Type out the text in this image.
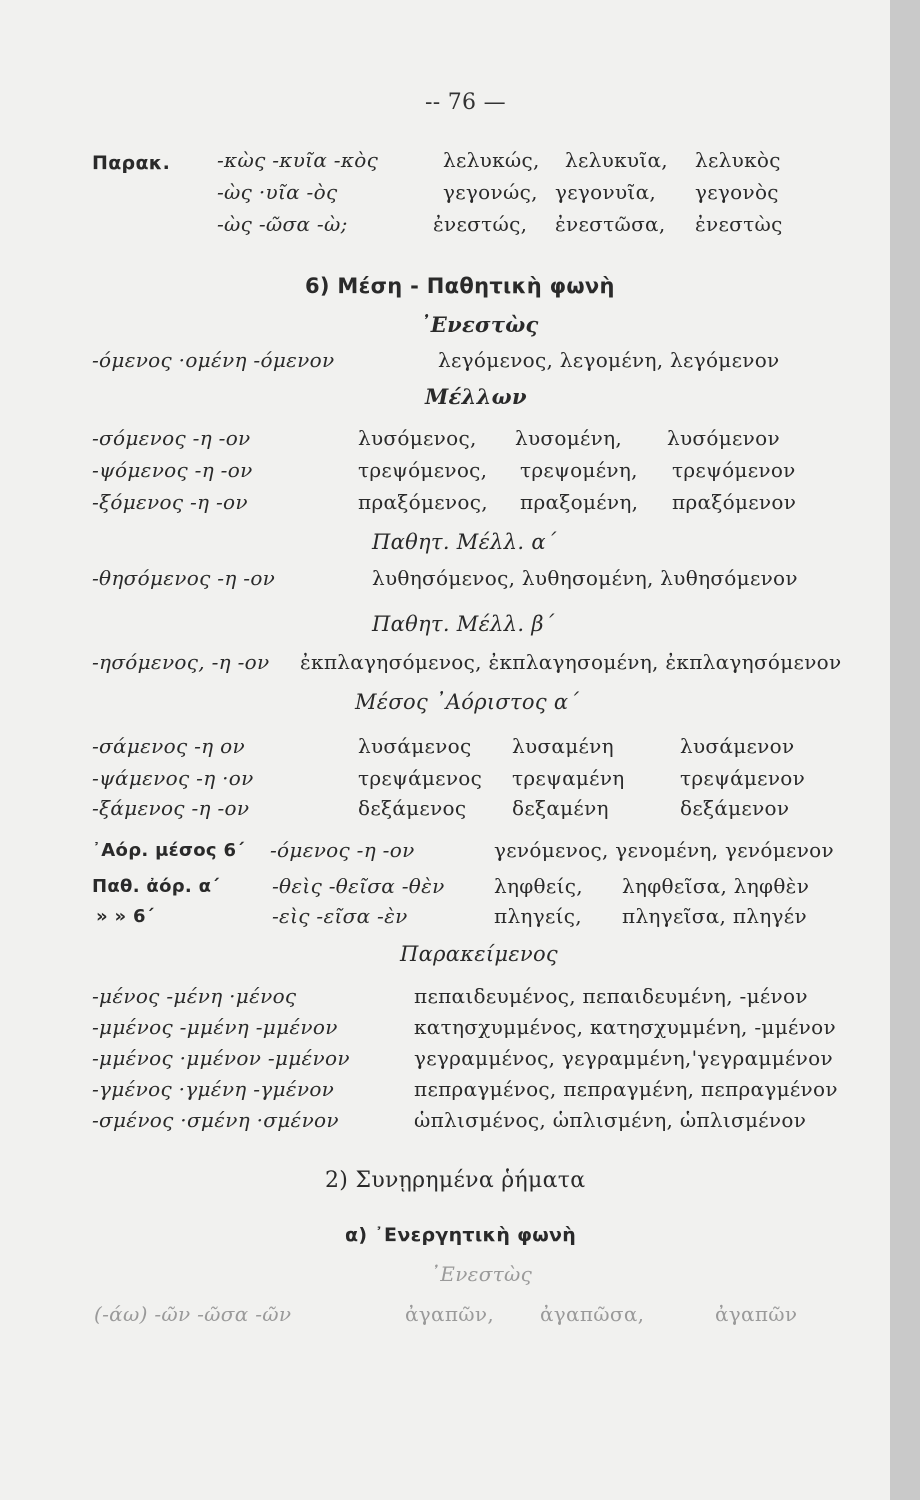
-- 76 —
Παρακ. -κὼς -κυῖα -κὸς	λελυκώς, λελυκυῖα, λελυκὸς
-ὼς ·υῖα -ὸς	γεγονώς, γεγονυῖα, γεγονὸς
-ὼς -ῶσα -ὼ;	ἐνεστώς, ἐνεστῶσα, ἐνεστὼς
6) Μέση - Παθητικὴ φωνὴ
᾿Ενεστὼς
-όμενος ·ομένη -όμενον	λεγόμενος, λεγομένη, λεγόμενον
Μέλλων
-σόμενος -η -ον	λυσόμενος, λυσομένη, λυσόμενον
-ψόμενος -η -ον	τρεψόμενος, τρεψομένη, τρεψόμενον
-ξόμενος -η -ον	πραξόμενος, πραξομένη, πραξόμενον
Παθητ. Μέλλ. α΄
-θησόμενος -η -ον	λυθησόμενος, λυθησομένη, λυθησόμενον
Παθητ. Μέλλ. β΄
-ησόμενος, -η -ον ἐκπλαγησόμενος, ἐκπλαγησομένη, ἐκπλαγησόμενον
Μέσος ᾿Αόριστος α΄
-σάμενος -η ον	λυσάμενος λυσαμένη	λυσάμενον
-ψάμενος -η ·ον	τρεψάμενος τρεψαμένη	τρεψάμενον
-ξάμενος -η -ον	δεξάμενος δεξαμένη	δεξάμενον
᾿Αόρ. μέσος 6΄ -όμενος -η -ον	γενόμενος, γενομένη, γενόμενον
Παθ. ἀόρ. α΄	-θεὶς -θεῖσα -θὲν ληφθείς, ληφθεῖσα, ληφθὲν
» » 6΄	-εὶς -εῖσα -ὲν	πληγείς, πληγεῖσα, πληγέν
Παρακείμενος
-μένος -μένη ·μένος	πεπαιδευμένος, πεπαιδευμένη, -μένον
-μμένος -μμένη -μμένον	κατησχυμμένος, κατησχυμμένη, -μμένον
-μμένος ·μμένον -μμένον	γεγραμμένος, γεγραμμένη,'γεγραμμένον
-γμένος ·γμένη -γμένον	πεπραγμένος, πεπραγμένη, πεπραγμένον
-σμένος ·σμένη ·σμένον	ὡπλισμένος, ὡπλισμένη, ὡπλισμένον
2) Συνῃρημένα ῥήματα
α) ᾿Ενεργητικὴ φωνὴ
᾿Ενεστὼς
(-άω) -ῶν -ῶσα -ῶν	ἀγαπῶν, ἀγαπῶσα,	ἀγαπῶν
